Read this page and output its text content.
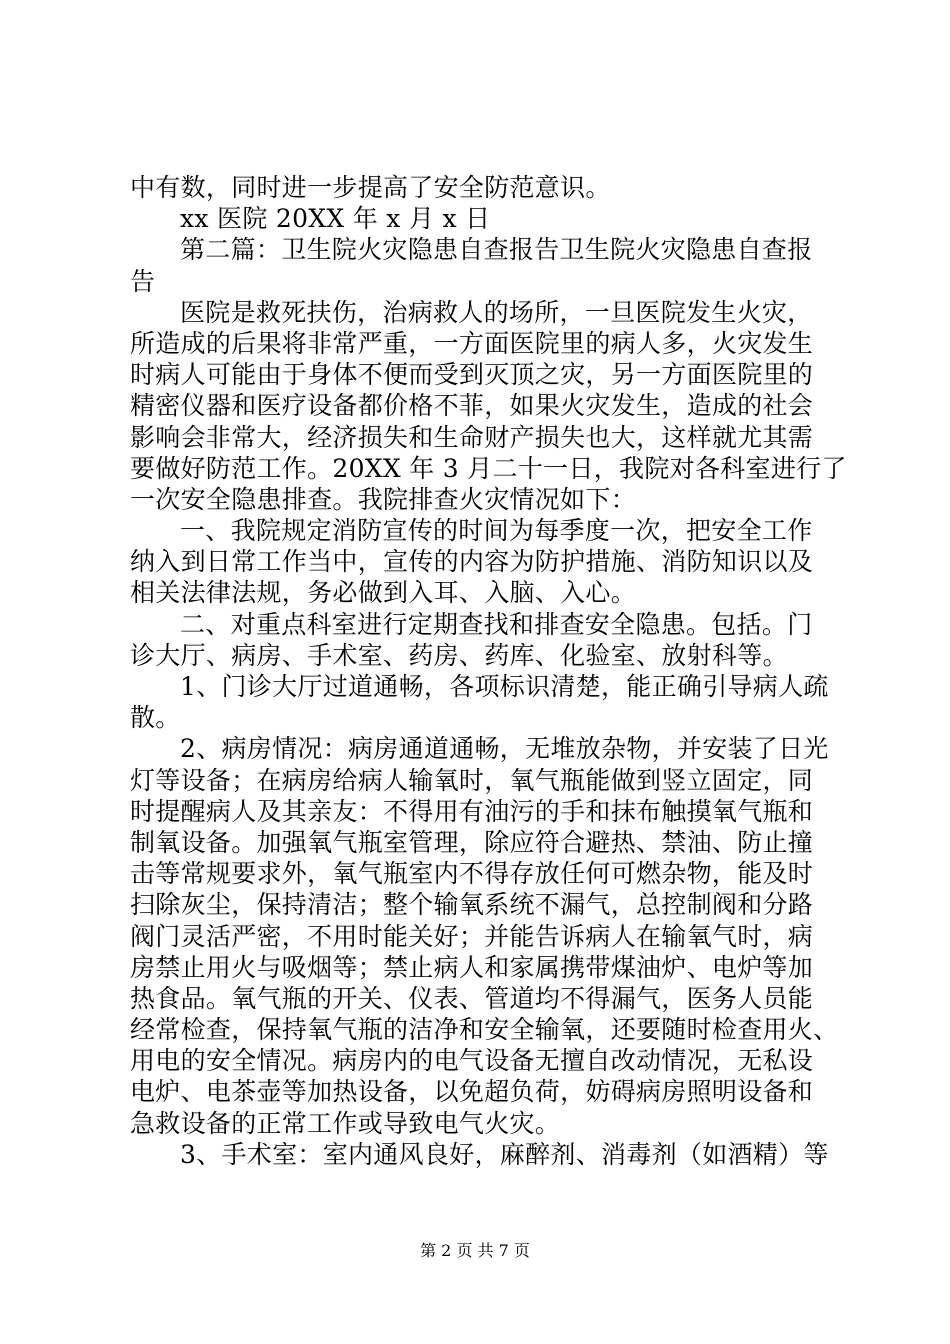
中有数，同时进一步提高了安全防范意识。
xx 医院 20XX 年 x 月 x 日
第二篇：卫生院火灾隐患自查报告卫生院火灾隐患自查报
告
医院是救死扶伤，治病救人的场所，一旦医院发生火灾，
所造成的后果将非常严重，一方面医院里的病人多，火灾发生
时病人可能由于身体不便而受到灭顶之灾，另一方面医院里的
精密仪器和医疗设备都价格不菲，如果火灾发生，造成的社会
影响会非常大，经济损失和生命财产损失也大，这样就尤其需
要做好防范工作。20XX 年 3 月二十一日，我院对各科室进行了
一次安全隐患排查。我院排查火灾情况如下：
一、我院规定消防宣传的时间为每季度一次，把安全工作
纳入到日常工作当中，宣传的内容为防护措施、消防知识以及
相关法律法规，务必做到入耳、入脑、入心。
二、对重点科室进行定期查找和排查安全隐患。包括。门
诊大厅、病房、手术室、药房、药库、化验室、放射科等。
1、门诊大厅过道通畅，各项标识清楚，能正确引导病人疏
散。
2、病房情况：病房通道通畅，无堆放杂物，并安装了日光
灯等设备；在病房给病人输氧时，氧气瓶能做到竖立固定，同
时提醒病人及其亲友：不得用有油污的手和抹布触摸氧气瓶和
制氧设备。加强氧气瓶室管理，除应符合避热、禁油、防止撞
击等常规要求外，氧气瓶室内不得存放任何可燃杂物，能及时
扫除灰尘，保持清洁；整个输氧系统不漏气，总控制阀和分路
阀门灵活严密，不用时能关好；并能告诉病人在输氧气时，病
房禁止用火与吸烟等；禁止病人和家属携带煤油炉、电炉等加
热食品。氧气瓶的开关、仪表、管道均不得漏气，医务人员能
经常检查，保持氧气瓶的洁净和安全输氧，还要随时检查用火、
用电的安全情况。病房内的电气设备无擅自改动情况，无私设
电炉、电茶壶等加热设备，以免超负荷，妨碍病房照明设备和
急救设备的正常工作或导致电气火灾。
3、手术室：室内通风良好，麻醉剂、消毒剂（如酒精）等
第 2 页 共 7 页
